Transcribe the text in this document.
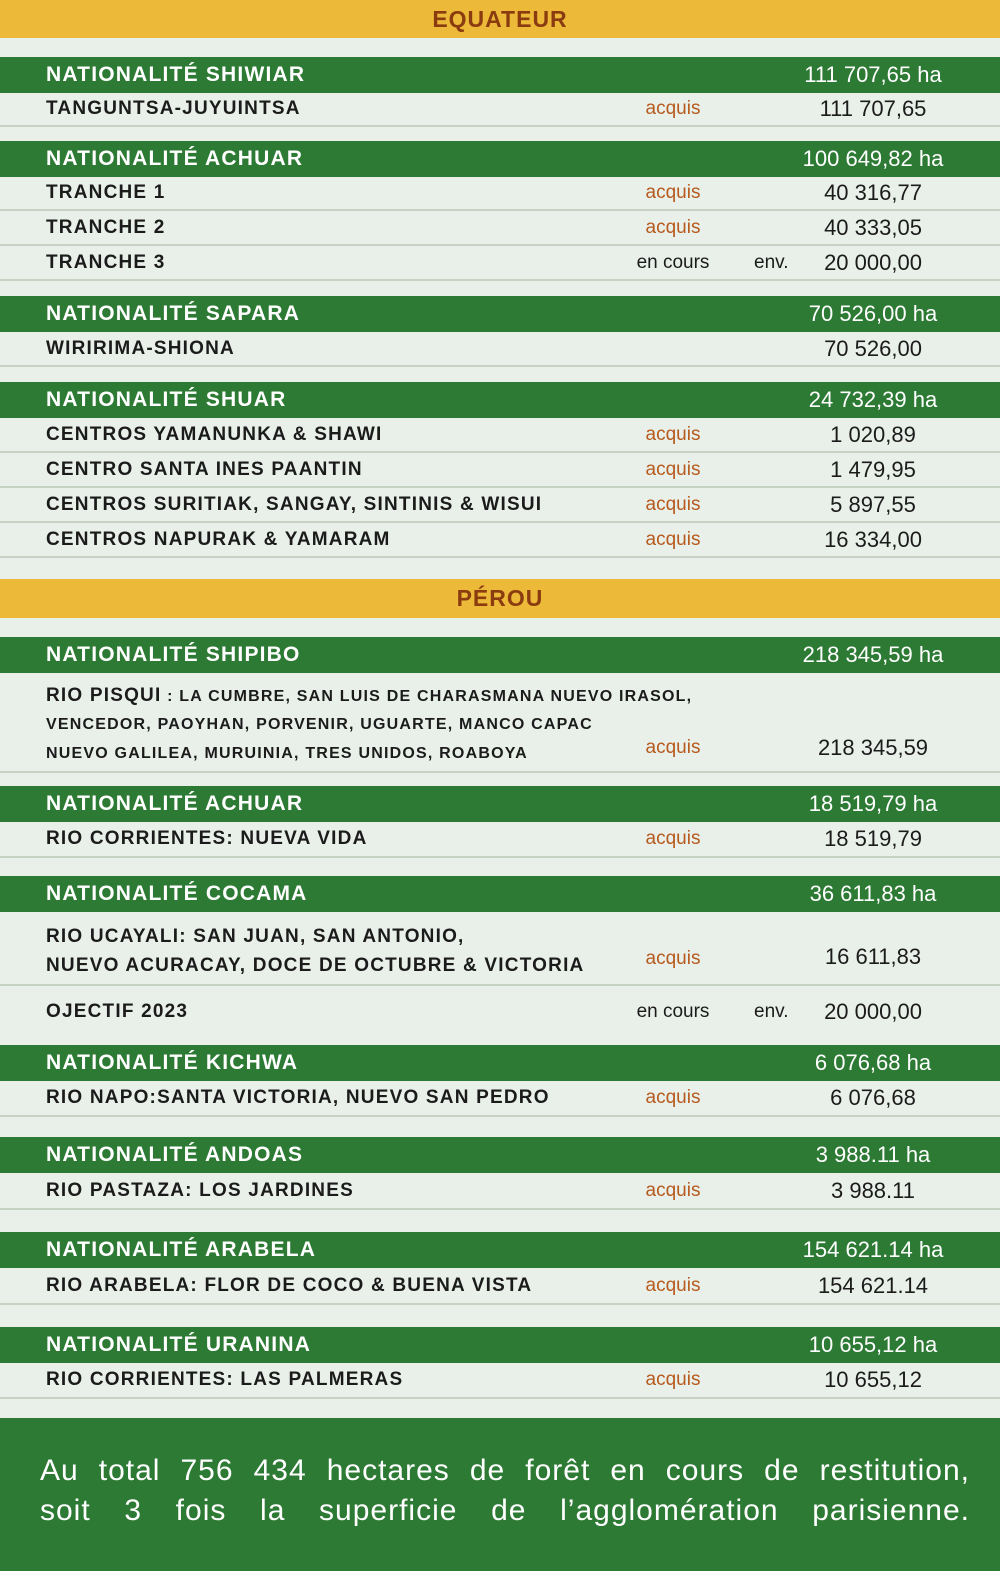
EQUATEUR
NATIONALITÉ SHIWIAR	111 707,65 ha
TANGUNTSA-JUYUINTSA	acquis	111 707,65
NATIONALITÉ ACHUAR	100 649,82 ha
TRANCHE 1	acquis	40 316,77
TRANCHE 2	acquis	40 333,05
TRANCHE 3	en cours	env.	20 000,00
NATIONALITÉ SAPARA	70 526,00 ha
WIRIRIMA-SHIONA	70 526,00
NATIONALITÉ SHUAR	24 732,39 ha
CENTROS YAMANUNKA & SHAWI	acquis	1 020,89
CENTRO SANTA INES PAANTIN	acquis	1 479,95
CENTROS SURITIAK, SANGAY, SINTINIS & WISUI	acquis	5 897,55
CENTROS NAPURAK & YAMARAM	acquis	16 334,00
PÉROU
NATIONALITÉ SHIPIBO	218 345,59 ha
RIO PISQUI : LA CUMBRE, SAN LUIS DE CHARASMANA NUEVO IRASOL,
VENCEDOR, PAOYHAN, PORVENIR, UGUARTE, MANCO CAPAC
NUEVO GALILEA, MURUINIA, TRES UNIDOS, ROABOYA	acquis	218 345,59
NATIONALITÉ ACHUAR	18 519,79 ha
RIO CORRIENTES: NUEVA VIDA	acquis	18 519,79
NATIONALITÉ COCAMA	36 611,83 ha
RIO UCAYALI: SAN JUAN, SAN ANTONIO,
NUEVO ACURACAY, DOCE DE OCTUBRE & VICTORIA	acquis	16 611,83
OJECTIF 2023	en cours	env.	20 000,00
NATIONALITÉ KICHWA	6 076,68 ha
RIO NAPO:SANTA VICTORIA, NUEVO SAN PEDRO	acquis	6 076,68
NATIONALITÉ ANDOAS	3 988.11 ha
RIO PASTAZA: LOS JARDINES	acquis	3 988.11
NATIONALITÉ ARABELA	154 621.14 ha
RIO ARABELA: FLOR DE COCO & BUENA VISTA	acquis	154 621.14
NATIONALITÉ URANINA	10 655,12 ha
RIO CORRIENTES: LAS PALMERAS	acquis	10 655,12
Au total 756 434 hectares de forêt en cours de restitution,
soit 3 fois la superficie de l’agglomération parisienne.
